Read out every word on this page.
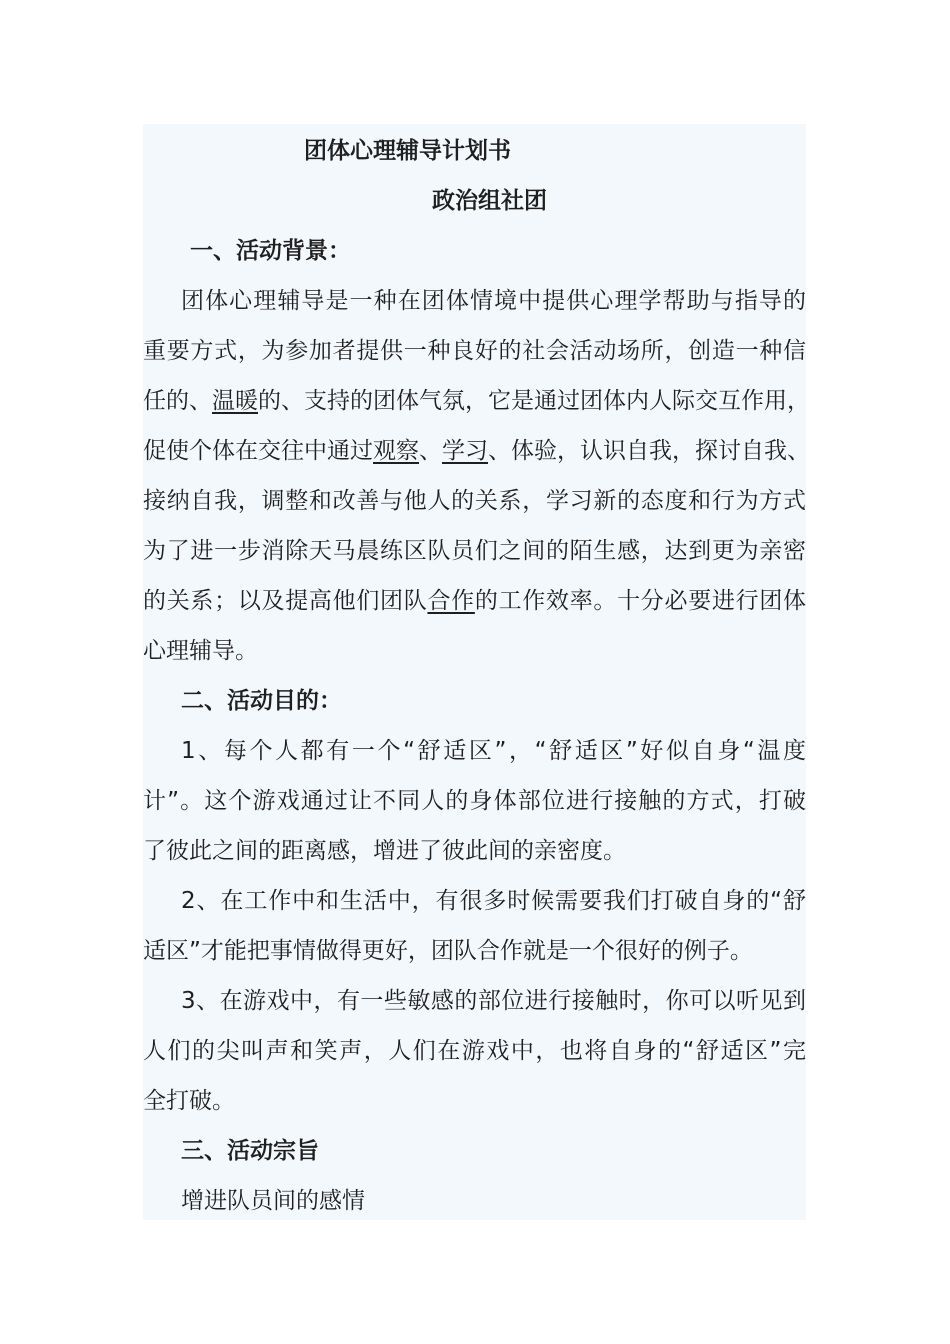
团体心理辅导计划书
政治组社团
一、活动背景：
团体心理辅导是一种在团体情境中提供心理学帮助与指导的
重要方式，为参加者提供一种良好的社会活动场所，创造一种信
任的、温暖的、支持的团体气氛，它是通过团体内人际交互作用，
促使个体在交往中通过观察、学习、体验，认识自我，探讨自我、
接纳自我，调整和改善与他人的关系，学习新的态度和行为方式
为了进一步消除天马晨练区队员们之间的陌生感，达到更为亲密
的关系；以及提高他们团队合作的工作效率。十分必要进行团体
心理辅导。
二、活动目的：
1、每个人都有一个“舒适区”，“舒适区”好似自身“温度
计”。这个游戏通过让不同人的身体部位进行接触的方式，打破
了彼此之间的距离感，增进了彼此间的亲密度。
2、在工作中和生活中，有很多时候需要我们打破自身的“舒
适区”才能把事情做得更好，团队合作就是一个很好的例子。
3、在游戏中，有一些敏感的部位进行接触时，你可以听见到
人们的尖叫声和笑声，人们在游戏中，也将自身的“舒适区”完
全打破。
三、活动宗旨
增进队员间的感情
